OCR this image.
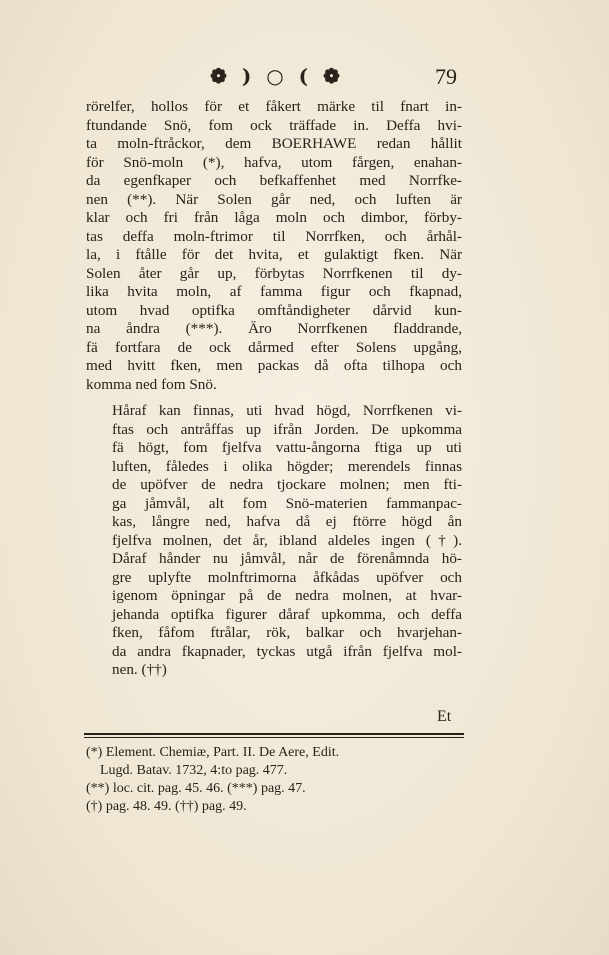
❁ ) ○ ( ❁	79

rörelfer, hollos för et fåkert märke til fnart in-
ftundande Snö, fom ock träffade in. Deffa hvi-
ta moln-ftråckor, dem BOERHAWE redan hållit
för Snö-moln (*), hafva, utom fårgen, enahan-
da egenfkaper och befkaffenhet med Norrfke-
nen (**). När Solen går ned, och luften är
klar och fri från låga moln och dimbor, förby-
tas deffa moln-ftrimor til Norrfken, och århål-
la, i ftålle för det hvita, et gulaktigt fken. När
Solen åter går up, förbytas Norrfkenen til dy-
lika hvita moln, af famma figur och fkapnad,
utom hvad optifka omftåndigheter dårvid kun-
na åndra (***). Äro Norrfkenen fladdrande,
fä fortfara de ock dårmed efter Solens upgång,
med hvitt fken, men packas då ofta tilhopa och
komma ned fom Snö.

Håraf kan finnas, uti hvad högd, Norrfkenen vi-
ftas och antråffas up ifrån Jorden. De upkomma
fä högt, fom fjelfva vattu-ångorna ftiga up uti
luften, fåledes i olika högder; merendels finnas
de upöfver de nedra tjockare molnen; men fti-
ga jåmvål, alt fom Snö-materien fammanpac-
kas, långre ned, hafva då ej ftörre högd ån
fjelfva molnen, det år, ibland aldeles ingen (†).
Dåraf hånder nu jåmvål, når de förenåmnda hö-
gre uplyfte molnftrimorna åfkådas upöfver och
igenom öpningar på de nedra molnen, at hvar-
jehanda optifka figurer dåraf upkomma, och deffa
fken, fåfom ftrålar, rök, balkar och hvarjehan-
da andra fkapnader, tyckas utgå ifrån fjelfva mol-
nen. (††)

Et
(*) Element. Chemiæ, Part. II. De Aere, Edit.
Lugd. Batav. 1732, 4:to pag. 477.
(**) loc. cit. pag. 45. 46. (***) pag. 47.
(†) pag. 48. 49. (††) pag. 49.
